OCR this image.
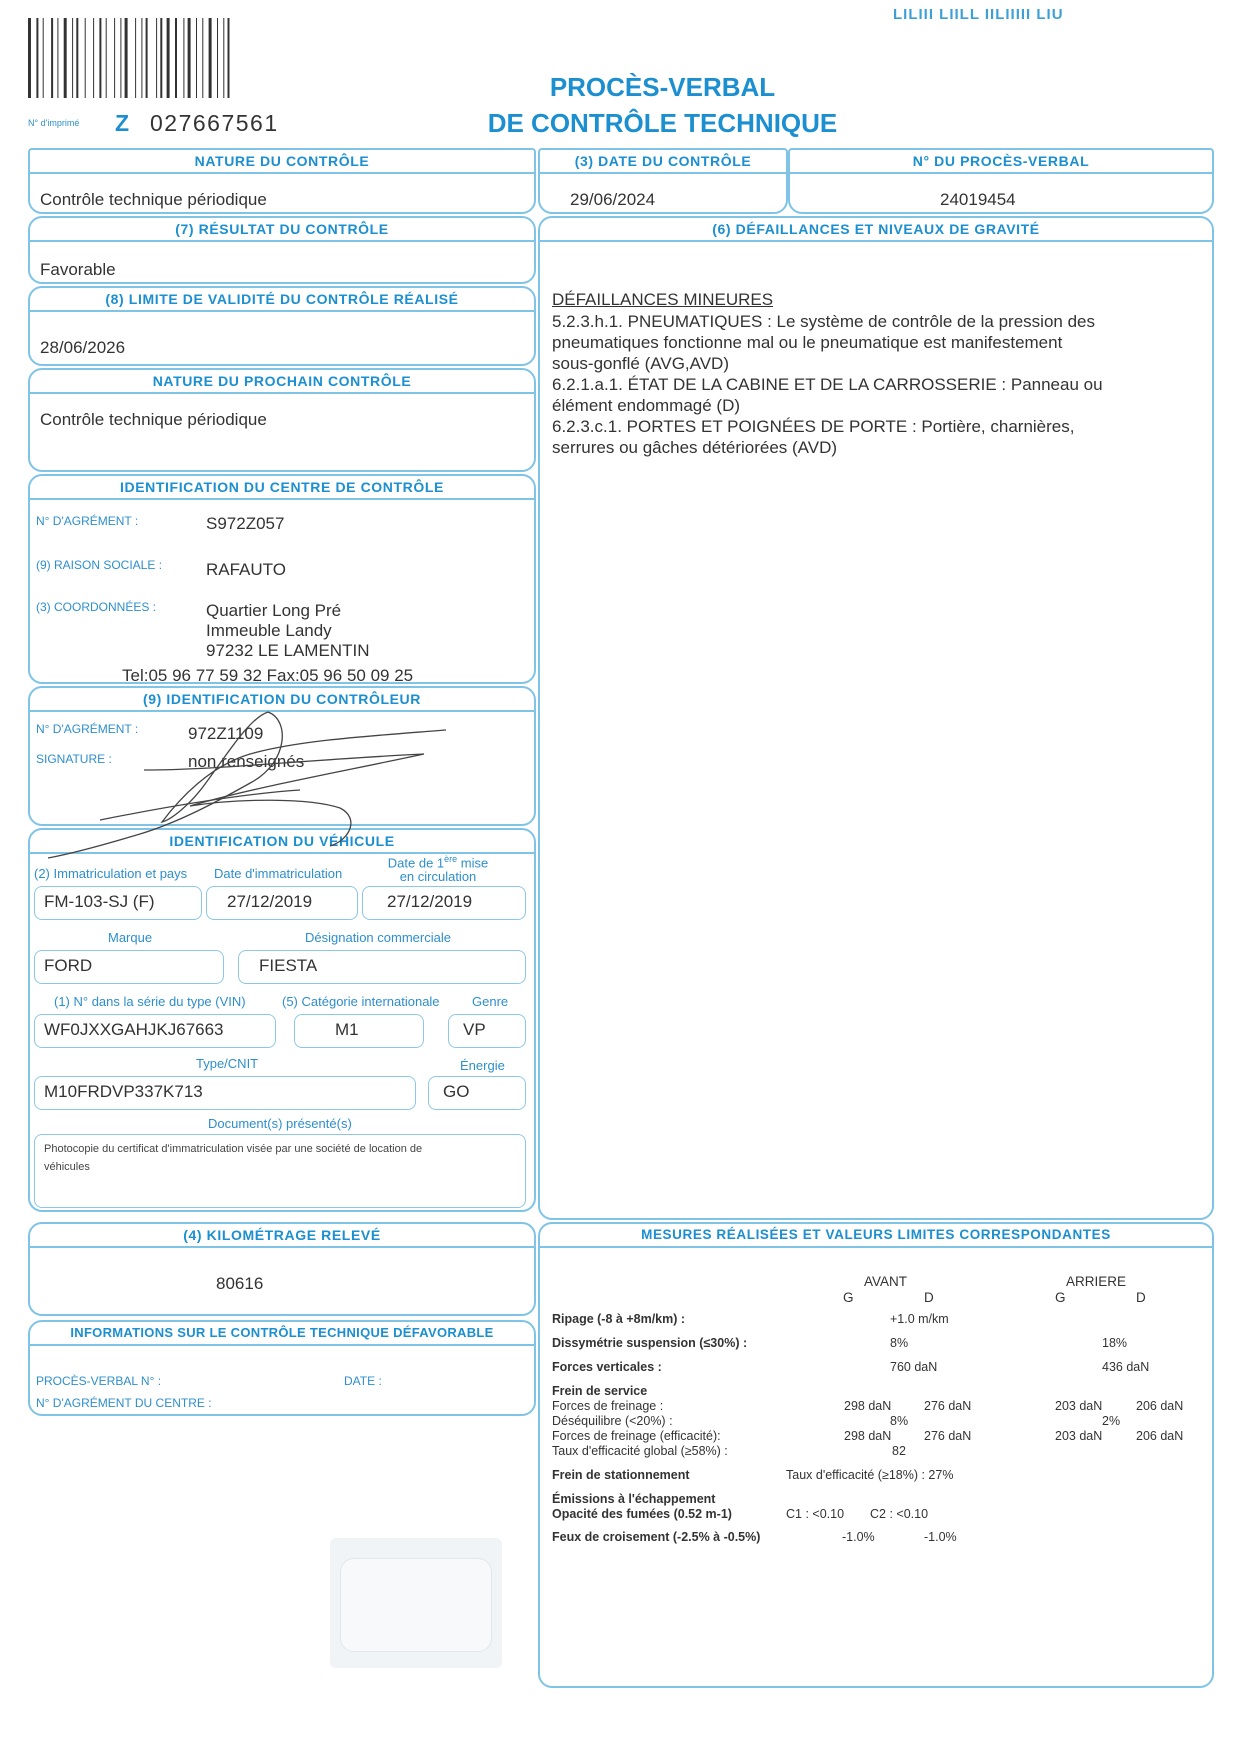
LILIII LIILL IILIIIII LIU
N° d'imprimé Z 027667561
PROCÈS-VERBAL
DE CONTRÔLE TECHNIQUE
NATURE DU CONTRÔLE
Contrôle technique périodique
(3) DATE DU CONTRÔLE
29/06/2024
N° DU PROCÈS-VERBAL
24019454
(7) RÉSULTAT DU CONTRÔLE
Favorable
(8) LIMITE DE VALIDITÉ DU CONTRÔLE RÉALISÉ
28/06/2026
NATURE DU PROCHAIN CONTRÔLE
Contrôle technique périodique
IDENTIFICATION DU CENTRE DE CONTRÔLE
N° D'AGRÉMENT :	S972Z057
(9) RAISON SOCIALE :	RAFAUTO
(3) COORDONNÉES :	Quartier Long Pré
Immeuble Landy
97232 LE LAMENTIN
Tel:05 96 77 59 32 Fax:05 96 50 09 25
(9) IDENTIFICATION DU CONTRÔLEUR
N° D'AGRÉMENT :	972Z1109
SIGNATURE :	non renseignés
IDENTIFICATION DU VÉHICULE
(2) Immatriculation et pays Date d'immatriculation
Date de 1ère mise
en circulation
FM-103-SJ (F)	27/12/2019	27/12/2019
Marque	Désignation commerciale
FORD	FIESTA
(1) N° dans la série du type (VIN)	(5) Catégorie internationale Genre
WF0JXXGAHJKJ67663	M1	VP
Type/CNIT	Énergie
M10FRDVP337K713	GO
Document(s) présenté(s)
Photocopie du certificat d'immatriculation visée par une société de location de
véhicules
(4) KILOMÉTRAGE RELEVÉ
80616
INFORMATIONS SUR LE CONTRÔLE TECHNIQUE DÉFAVORABLE
PROCÈS-VERBAL N° :	DATE :
N° D'AGRÉMENT DU CENTRE :
(6) DÉFAILLANCES ET NIVEAUX DE GRAVITÉ
DÉFAILLANCES MINEURES
5.2.3.h.1. PNEUMATIQUES : Le système de contrôle de la pression des
pneumatiques fonctionne mal ou le pneumatique est manifestement
sous-gonflé (AVG,AVD)
6.2.1.a.1. ÉTAT DE LA CABINE ET DE LA CARROSSERIE : Panneau ou
élément endommagé (D)
6.2.3.c.1. PORTES ET POIGNÉES DE PORTE : Portière, charnières,
serrures ou gâches détériorées (AVD)
MESURES RÉALISÉES ET VALEURS LIMITES CORRESPONDANTES
AVANT	ARRIERE
G	D	G	D
Ripage (-8 à +8m/km) :	+1.0 m/km
Dissymétrie suspension (≤30%) :	8%	18%
Forces verticales :	760 daN	436 daN
Frein de service
Forces de freinage :	298 daN	276 daN	203 daN	206 daN
Déséquilibre (<20%) :	8%	2%
Forces de freinage (efficacité):	298 daN	276 daN	203 daN	206 daN
Taux d'efficacité global (≥58%) :	82
Frein de stationnement	Taux d'efficacité (≥18%) : 27%
Émissions à l'échappement
Opacité des fumées (0.52 m-1)	C1 : <0.10 C2 : <0.10
Feux de croisement (-2.5% à -0.5%)	-1.0%	-1.0%
